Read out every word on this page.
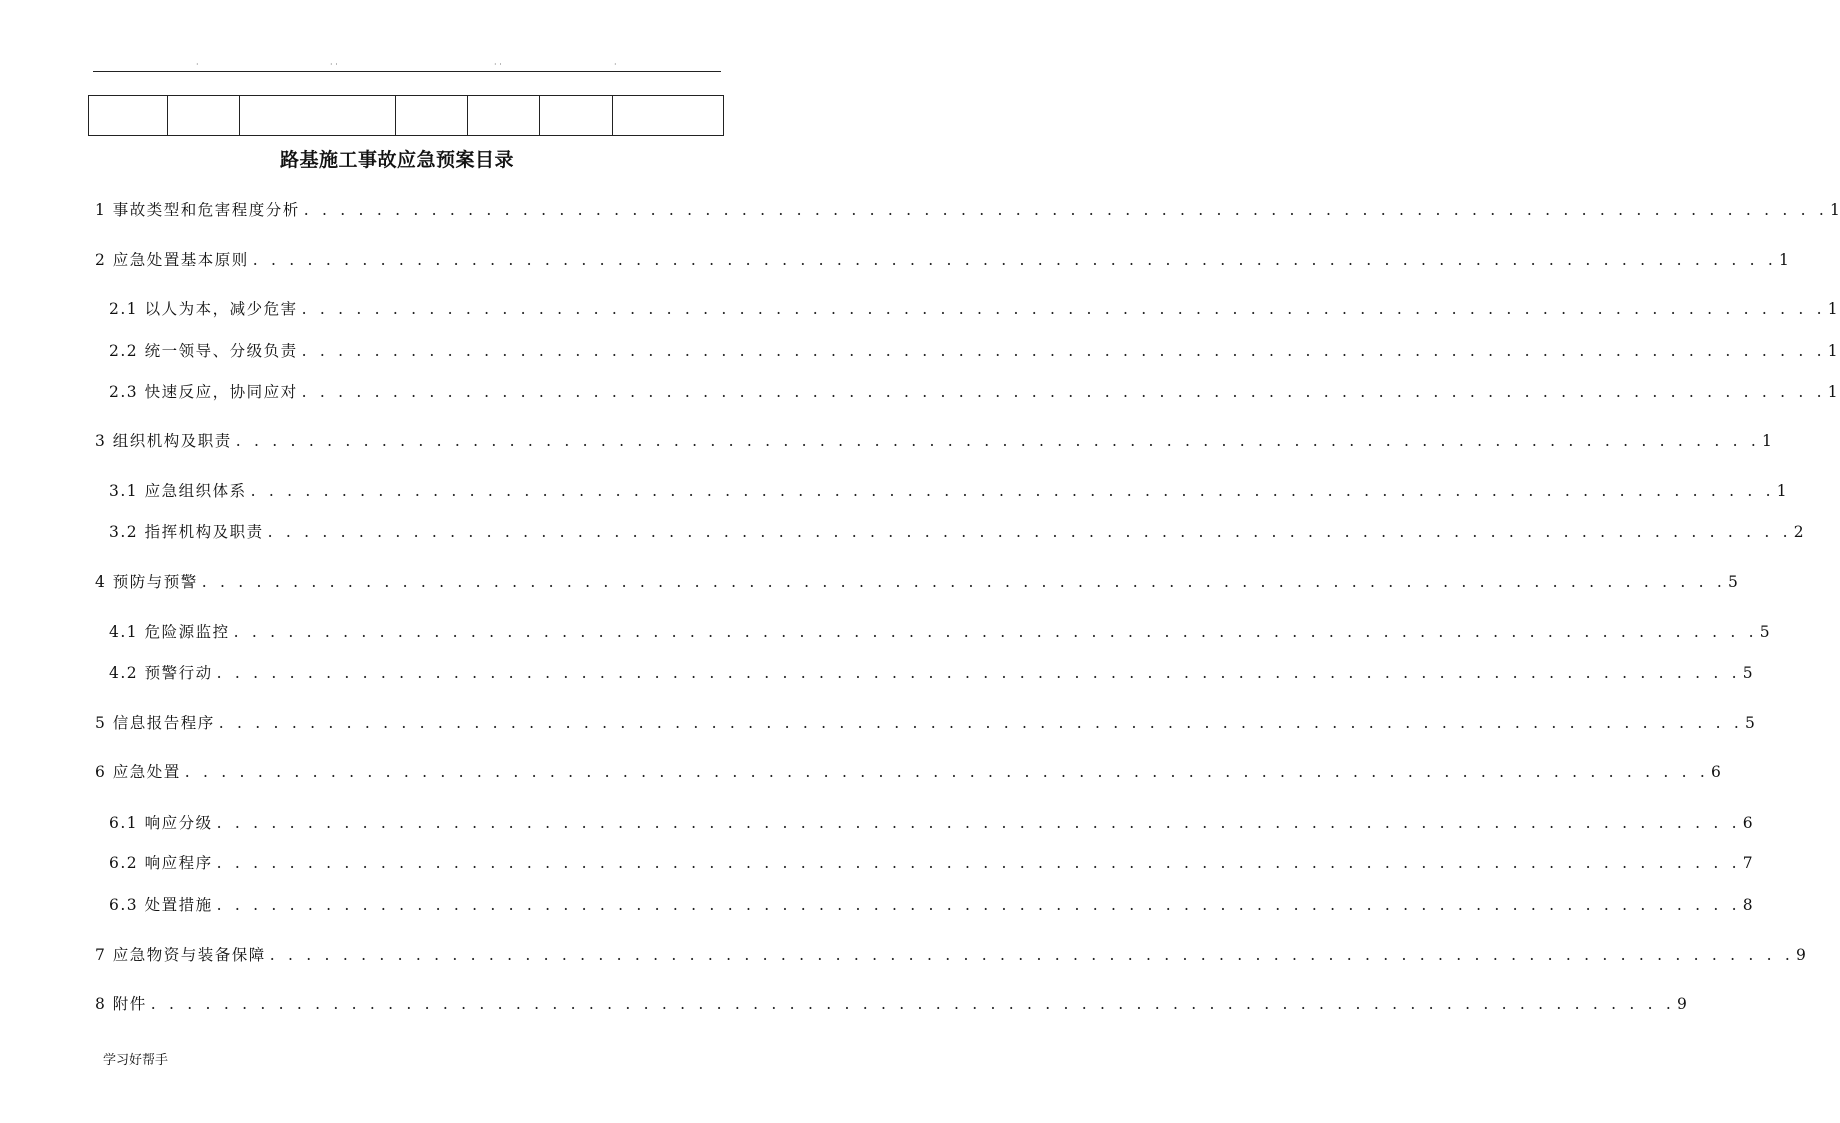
·	· ·	· ·	·

路基施工事故应急预案目录
1 事故类型和危害程度分析 . . . . . . . . . . . . . . . . . . . . . . . . . . . . . . . . . . . . . . . . . . . . . . . . . . . . . . . . . . . . . . . . . . . . . . . . . . . . . . . . . . . . 1
2 应急处置基本原则 . . . . . . . . . . . . . . . . . . . . . . . . . . . . . . . . . . . . . . . . . . . . . . . . . . . . . . . . . . . . . . . . . . . . . . . . . . . . . . . . . . . . 1
2.1 以人为本，减少危害 . . . . . . . . . . . . . . . . . . . . . . . . . . . . . . . . . . . . . . . . . . . . . . . . . . . . . . . . . . . . . . . . . . . . . . . . . . . . . . . . . . . . 1
2.2 统一领导、分级负责 . . . . . . . . . . . . . . . . . . . . . . . . . . . . . . . . . . . . . . . . . . . . . . . . . . . . . . . . . . . . . . . . . . . . . . . . . . . . . . . . . . . . 1
2.3 快速反应，协同应对 . . . . . . . . . . . . . . . . . . . . . . . . . . . . . . . . . . . . . . . . . . . . . . . . . . . . . . . . . . . . . . . . . . . . . . . . . . . . . . . . . . . . 1
3 组织机构及职责 . . . . . . . . . . . . . . . . . . . . . . . . . . . . . . . . . . . . . . . . . . . . . . . . . . . . . . . . . . . . . . . . . . . . . . . . . . . . . . . . . . . . 1
3.1 应急组织体系 . . . . . . . . . . . . . . . . . . . . . . . . . . . . . . . . . . . . . . . . . . . . . . . . . . . . . . . . . . . . . . . . . . . . . . . . . . . . . . . . . . . . 1
3.2 指挥机构及职责 . . . . . . . . . . . . . . . . . . . . . . . . . . . . . . . . . . . . . . . . . . . . . . . . . . . . . . . . . . . . . . . . . . . . . . . . . . . . . . . . . . . . 2
4 预防与预警 . . . . . . . . . . . . . . . . . . . . . . . . . . . . . . . . . . . . . . . . . . . . . . . . . . . . . . . . . . . . . . . . . . . . . . . . . . . . . . . . . . . . 5
4.1 危险源监控 . . . . . . . . . . . . . . . . . . . . . . . . . . . . . . . . . . . . . . . . . . . . . . . . . . . . . . . . . . . . . . . . . . . . . . . . . . . . . . . . . . . . 5
4.2 预警行动 . . . . . . . . . . . . . . . . . . . . . . . . . . . . . . . . . . . . . . . . . . . . . . . . . . . . . . . . . . . . . . . . . . . . . . . . . . . . . . . . . . . . 5
5 信息报告程序 . . . . . . . . . . . . . . . . . . . . . . . . . . . . . . . . . . . . . . . . . . . . . . . . . . . . . . . . . . . . . . . . . . . . . . . . . . . . . . . . . . . . 5
6 应急处置 . . . . . . . . . . . . . . . . . . . . . . . . . . . . . . . . . . . . . . . . . . . . . . . . . . . . . . . . . . . . . . . . . . . . . . . . . . . . . . . . . . . . 6
6.1 响应分级 . . . . . . . . . . . . . . . . . . . . . . . . . . . . . . . . . . . . . . . . . . . . . . . . . . . . . . . . . . . . . . . . . . . . . . . . . . . . . . . . . . . . 6
6.2 响应程序 . . . . . . . . . . . . . . . . . . . . . . . . . . . . . . . . . . . . . . . . . . . . . . . . . . . . . . . . . . . . . . . . . . . . . . . . . . . . . . . . . . . . 7
6.3 处置措施 . . . . . . . . . . . . . . . . . . . . . . . . . . . . . . . . . . . . . . . . . . . . . . . . . . . . . . . . . . . . . . . . . . . . . . . . . . . . . . . . . . . . 8
7 应急物资与装备保障 . . . . . . . . . . . . . . . . . . . . . . . . . . . . . . . . . . . . . . . . . . . . . . . . . . . . . . . . . . . . . . . . . . . . . . . . . . . . . . . . . . . . 9
8 附件 . . . . . . . . . . . . . . . . . . . . . . . . . . . . . . . . . . . . . . . . . . . . . . . . . . . . . . . . . . . . . . . . . . . . . . . . . . . . . . . . . . . . 9
学习好帮手
